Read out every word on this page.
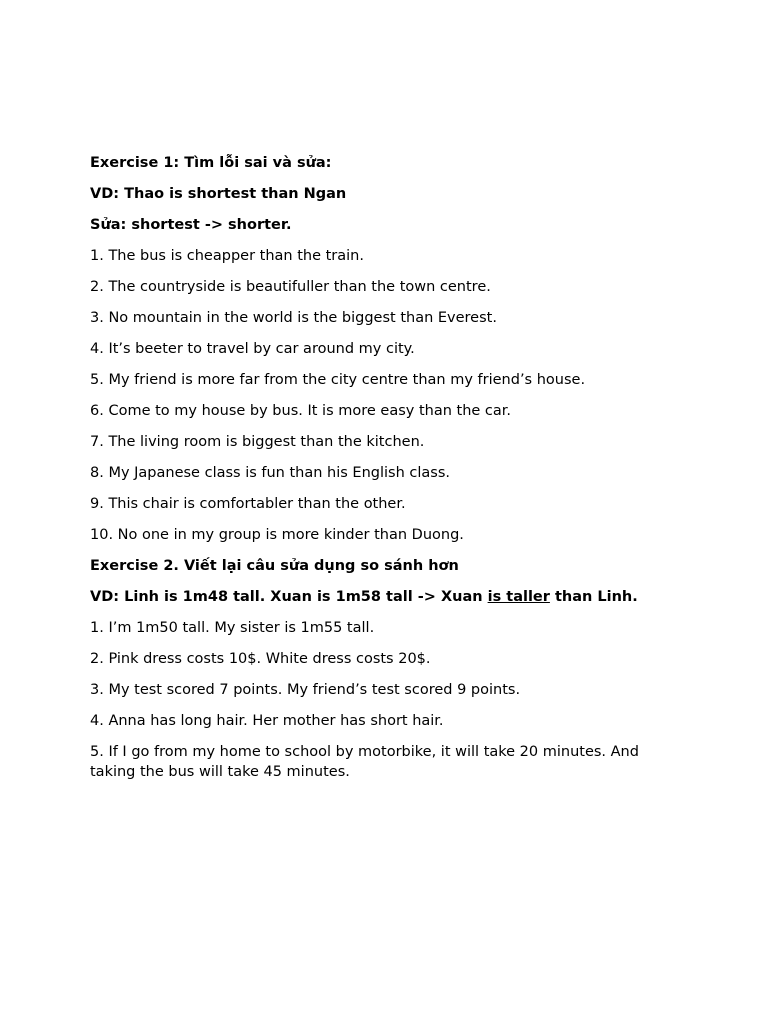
Exercise 1: Tìm lỗi sai và sửa:
VD: Thao is shortest than Ngan
Sửa: shortest -> shorter.
1. The bus is cheapper than the train.
2. The countryside is beautifuller than the town centre.
3. No mountain in the world is the biggest than Everest.
4. It’s beeter to travel by car around my city.
5. My friend is more far from the city centre than my friend’s house.
6. Come to my house by bus. It is more easy than the car.
7. The living room is biggest than the kitchen.
8. My Japanese class is fun than his English class.
9. This chair is comfortabler than the other.
10. No one in my group is more kinder than Duong.
Exercise 2. Viết lại câu sửa dụng so sánh hơn
VD: Linh is 1m48 tall. Xuan is 1m58 tall -> Xuan is taller than Linh.
1. I’m 1m50 tall. My sister is 1m55 tall.
2. Pink dress costs 10$. White dress costs 20$.
3. My test scored 7 points. My friend’s test scored 9 points.
4. Anna has long hair. Her mother has short hair.
5. If I go from my home to school by motorbike, it will take 20 minutes. And taking the bus will take 45 minutes.
